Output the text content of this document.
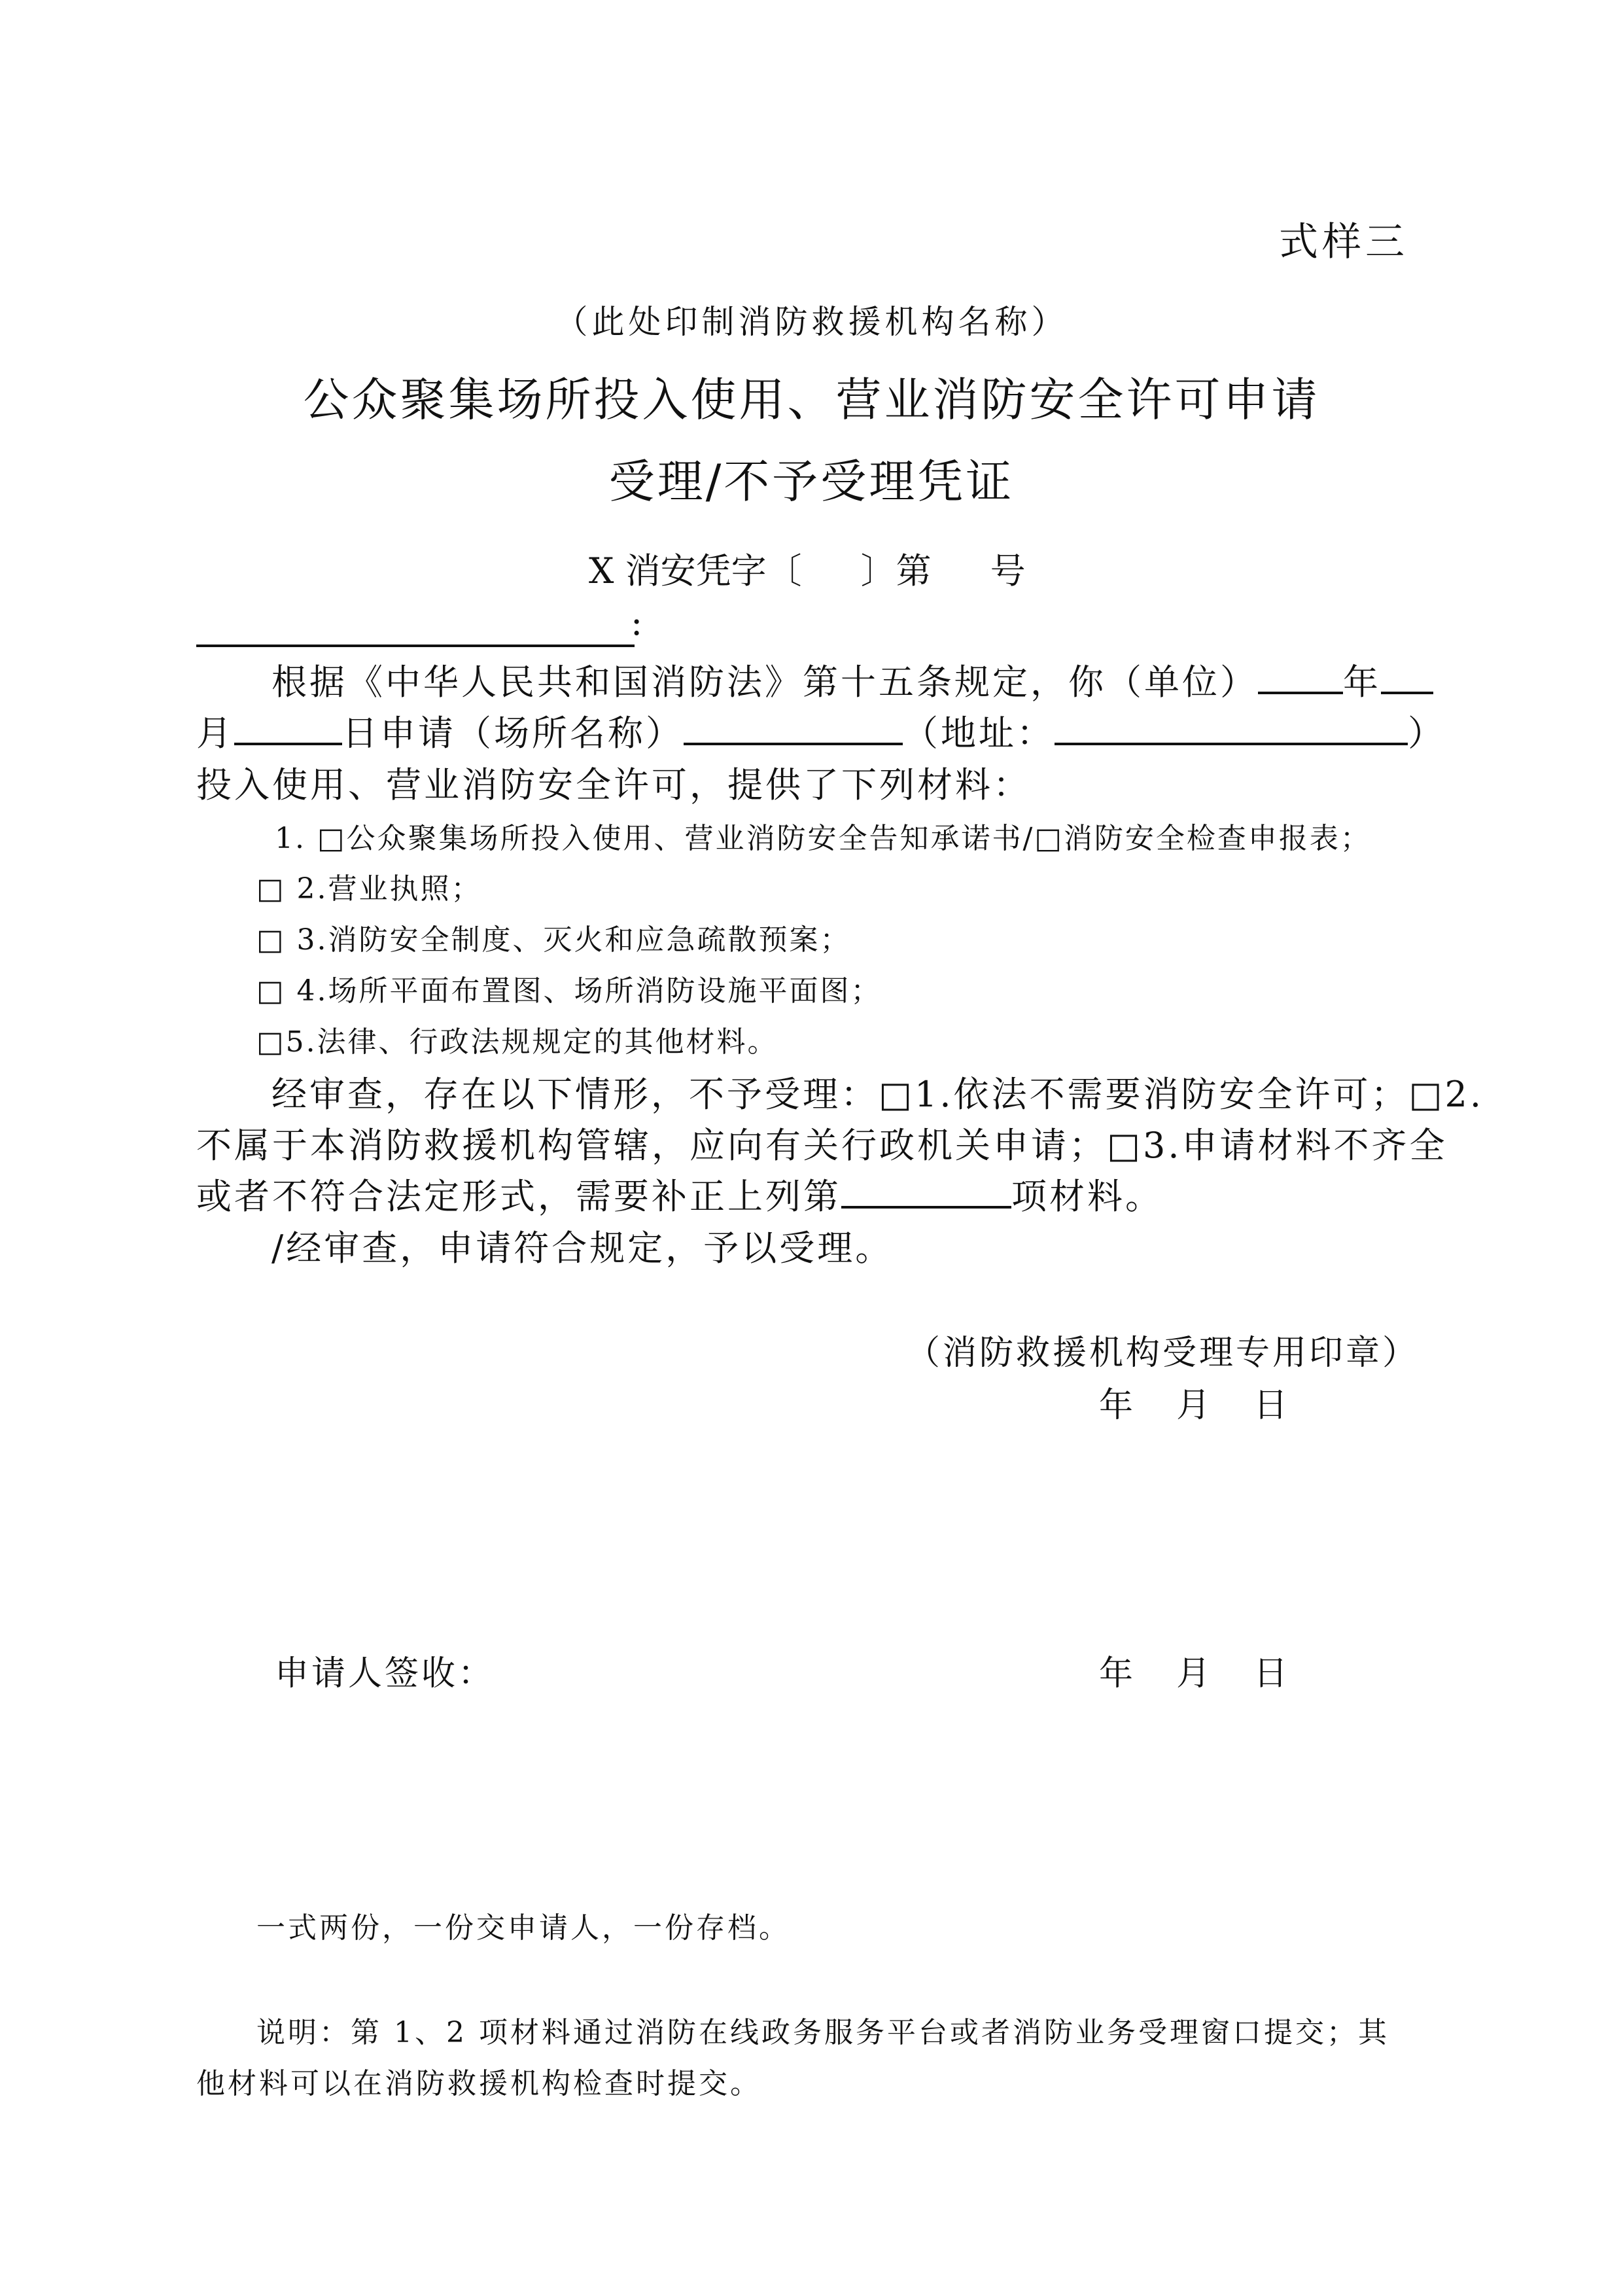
式样三
（此处印制消防救援机构名称）
公众聚集场所投入使用、营业消防安全许可申请
受理/不予受理凭证
X 消安凭字〔 〕第 号
:
根据《中华人民共和国消防法》第十五条规定，你（单位） 年
月	日申请（场所名称）	（地址：	）
投入使用、营业消防安全许可，提供了下列材料：
1. □公众聚集场所投入使用、营业消防安全告知承诺书/□消防安全检查申报表；
□ 2.营业执照；
□ 3.消防安全制度、灭火和应急疏散预案；
□ 4.场所平面布置图、场所消防设施平面图；
□5.法律、行政法规规定的其他材料。
经审查，存在以下情形，不予受理：□1.依法不需要消防安全许可；□2.
不属于本消防救援机构管辖，应向有关行政机关申请；□3.申请材料不齐全
或者不符合法定形式，需要补正上列第	项材料。
/经审查，申请符合规定，予以受理。
（消防救援机构受理专用印章）
年    月    日
申请人签收：	年    月    日
一式两份，一份交申请人，一份存档。
说明：第 1、2 项材料通过消防在线政务服务平台或者消防业务受理窗口提交；其
他材料可以在消防救援机构检查时提交。
